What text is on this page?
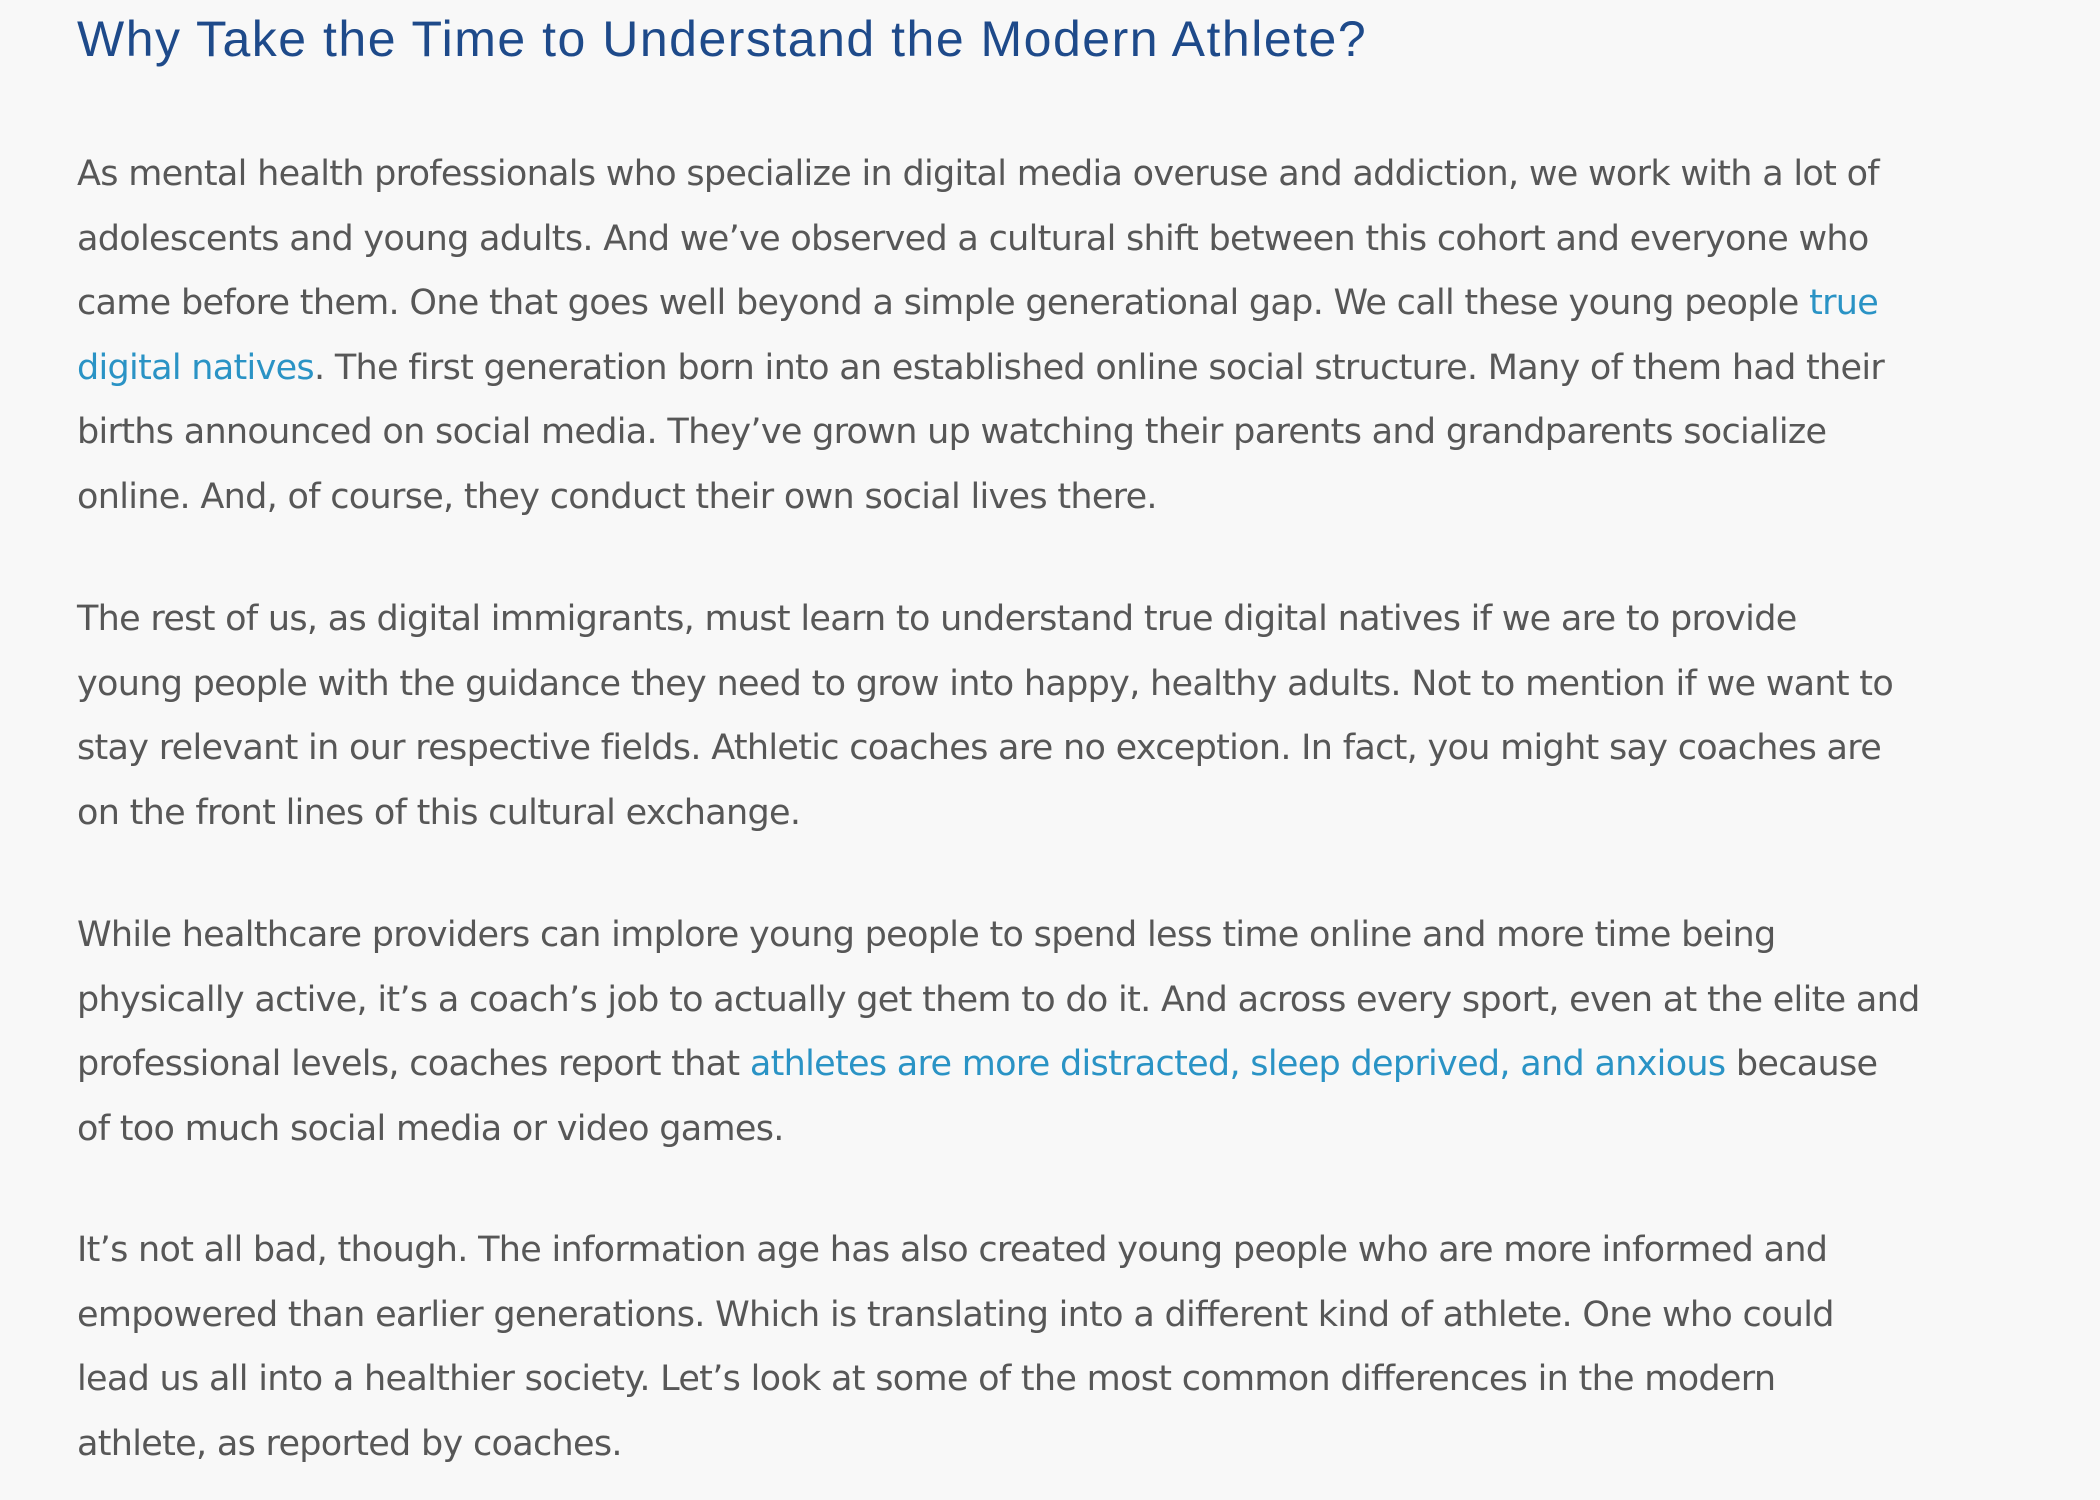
Why Take the Time to Understand the Modern Athlete?

As mental health professionals who specialize in digital media overuse and addiction, we work with a lot of
adolescents and young adults. And we’ve observed a cultural shift between this cohort and everyone who
came before them. One that goes well beyond a simple generational gap. We call these young people true
digital natives. The first generation born into an established online social structure. Many of them had their
births announced on social media. They’ve grown up watching their parents and grandparents socialize
online. And, of course, they conduct their own social lives there.

The rest of us, as digital immigrants, must learn to understand true digital natives if we are to provide
young people with the guidance they need to grow into happy, healthy adults. Not to mention if we want to
stay relevant in our respective fields. Athletic coaches are no exception. In fact, you might say coaches are
on the front lines of this cultural exchange.

While healthcare providers can implore young people to spend less time online and more time being
physically active, it’s a coach’s job to actually get them to do it. And across every sport, even at the elite and
professional levels, coaches report that athletes are more distracted, sleep deprived, and anxious because
of too much social media or video games.

It’s not all bad, though. The information age has also created young people who are more informed and
empowered than earlier generations. Which is translating into a different kind of athlete. One who could
lead us all into a healthier society. Let’s look at some of the most common differences in the modern
athlete, as reported by coaches.
